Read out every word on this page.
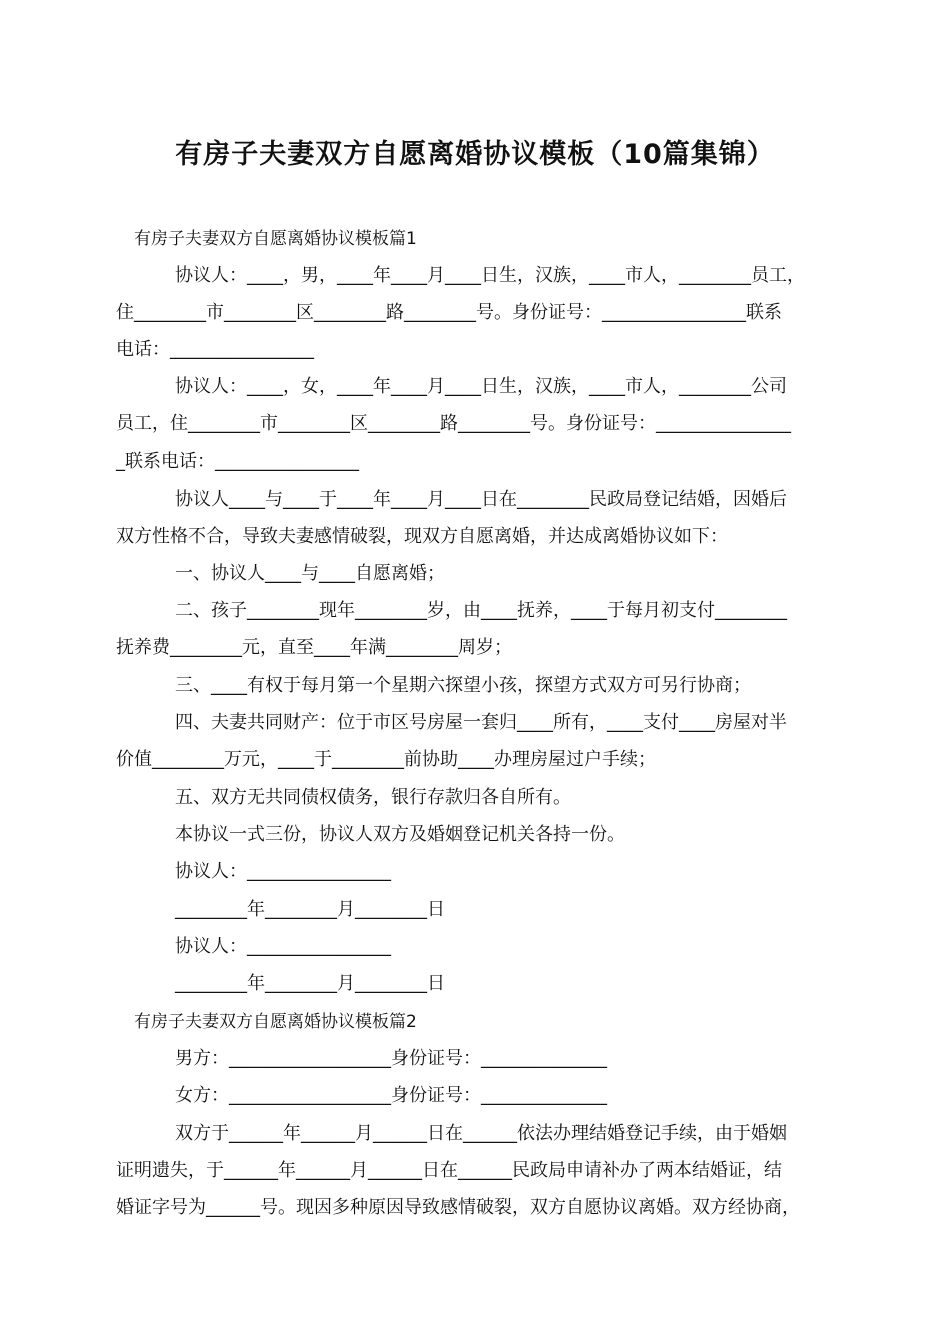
有房子夫妻双方自愿离婚协议模板（10篇集锦）
有房子夫妻双方自愿离婚协议模板篇1
协议人：____，男，____年____月____日生，汉族，____市人，________员工，
住________市________区________路________号。身份证号：________________联系
电话：________________
协议人：____，女，____年____月____日生，汉族，____市人，________公司
员工，住________市________区________路________号。身份证号：_______________
_联系电话：________________
协议人____与____于____年____月____日在________民政局登记结婚，因婚后
双方性格不合，导致夫妻感情破裂，现双方自愿离婚，并达成离婚协议如下：
一、协议人____与____自愿离婚；
二、孩子________现年________岁，由____抚养，____于每月初支付________
抚养费________元，直至____年满________周岁；
三、____有权于每月第一个星期六探望小孩，探望方式双方可另行协商；
四、夫妻共同财产：位于市区号房屋一套归____所有，____支付____房屋对半
价值________万元，____于________前协助____办理房屋过户手续；
五、双方无共同债权债务，银行存款归各自所有。
本协议一式三份，协议人双方及婚姻登记机关各持一份。
协议人：________________
________年________月________日
协议人：________________
________年________月________日
有房子夫妻双方自愿离婚协议模板篇2
男方：__________________身份证号：______________
女方：__________________身份证号：______________
双方于______年______月______日在______依法办理结婚登记手续，由于婚姻
证明遗失，于______年______月______日在______民政局申请补办了两本结婚证，结
婚证字号为______号。现因多种原因导致感情破裂，双方自愿协议离婚。双方经协商，
